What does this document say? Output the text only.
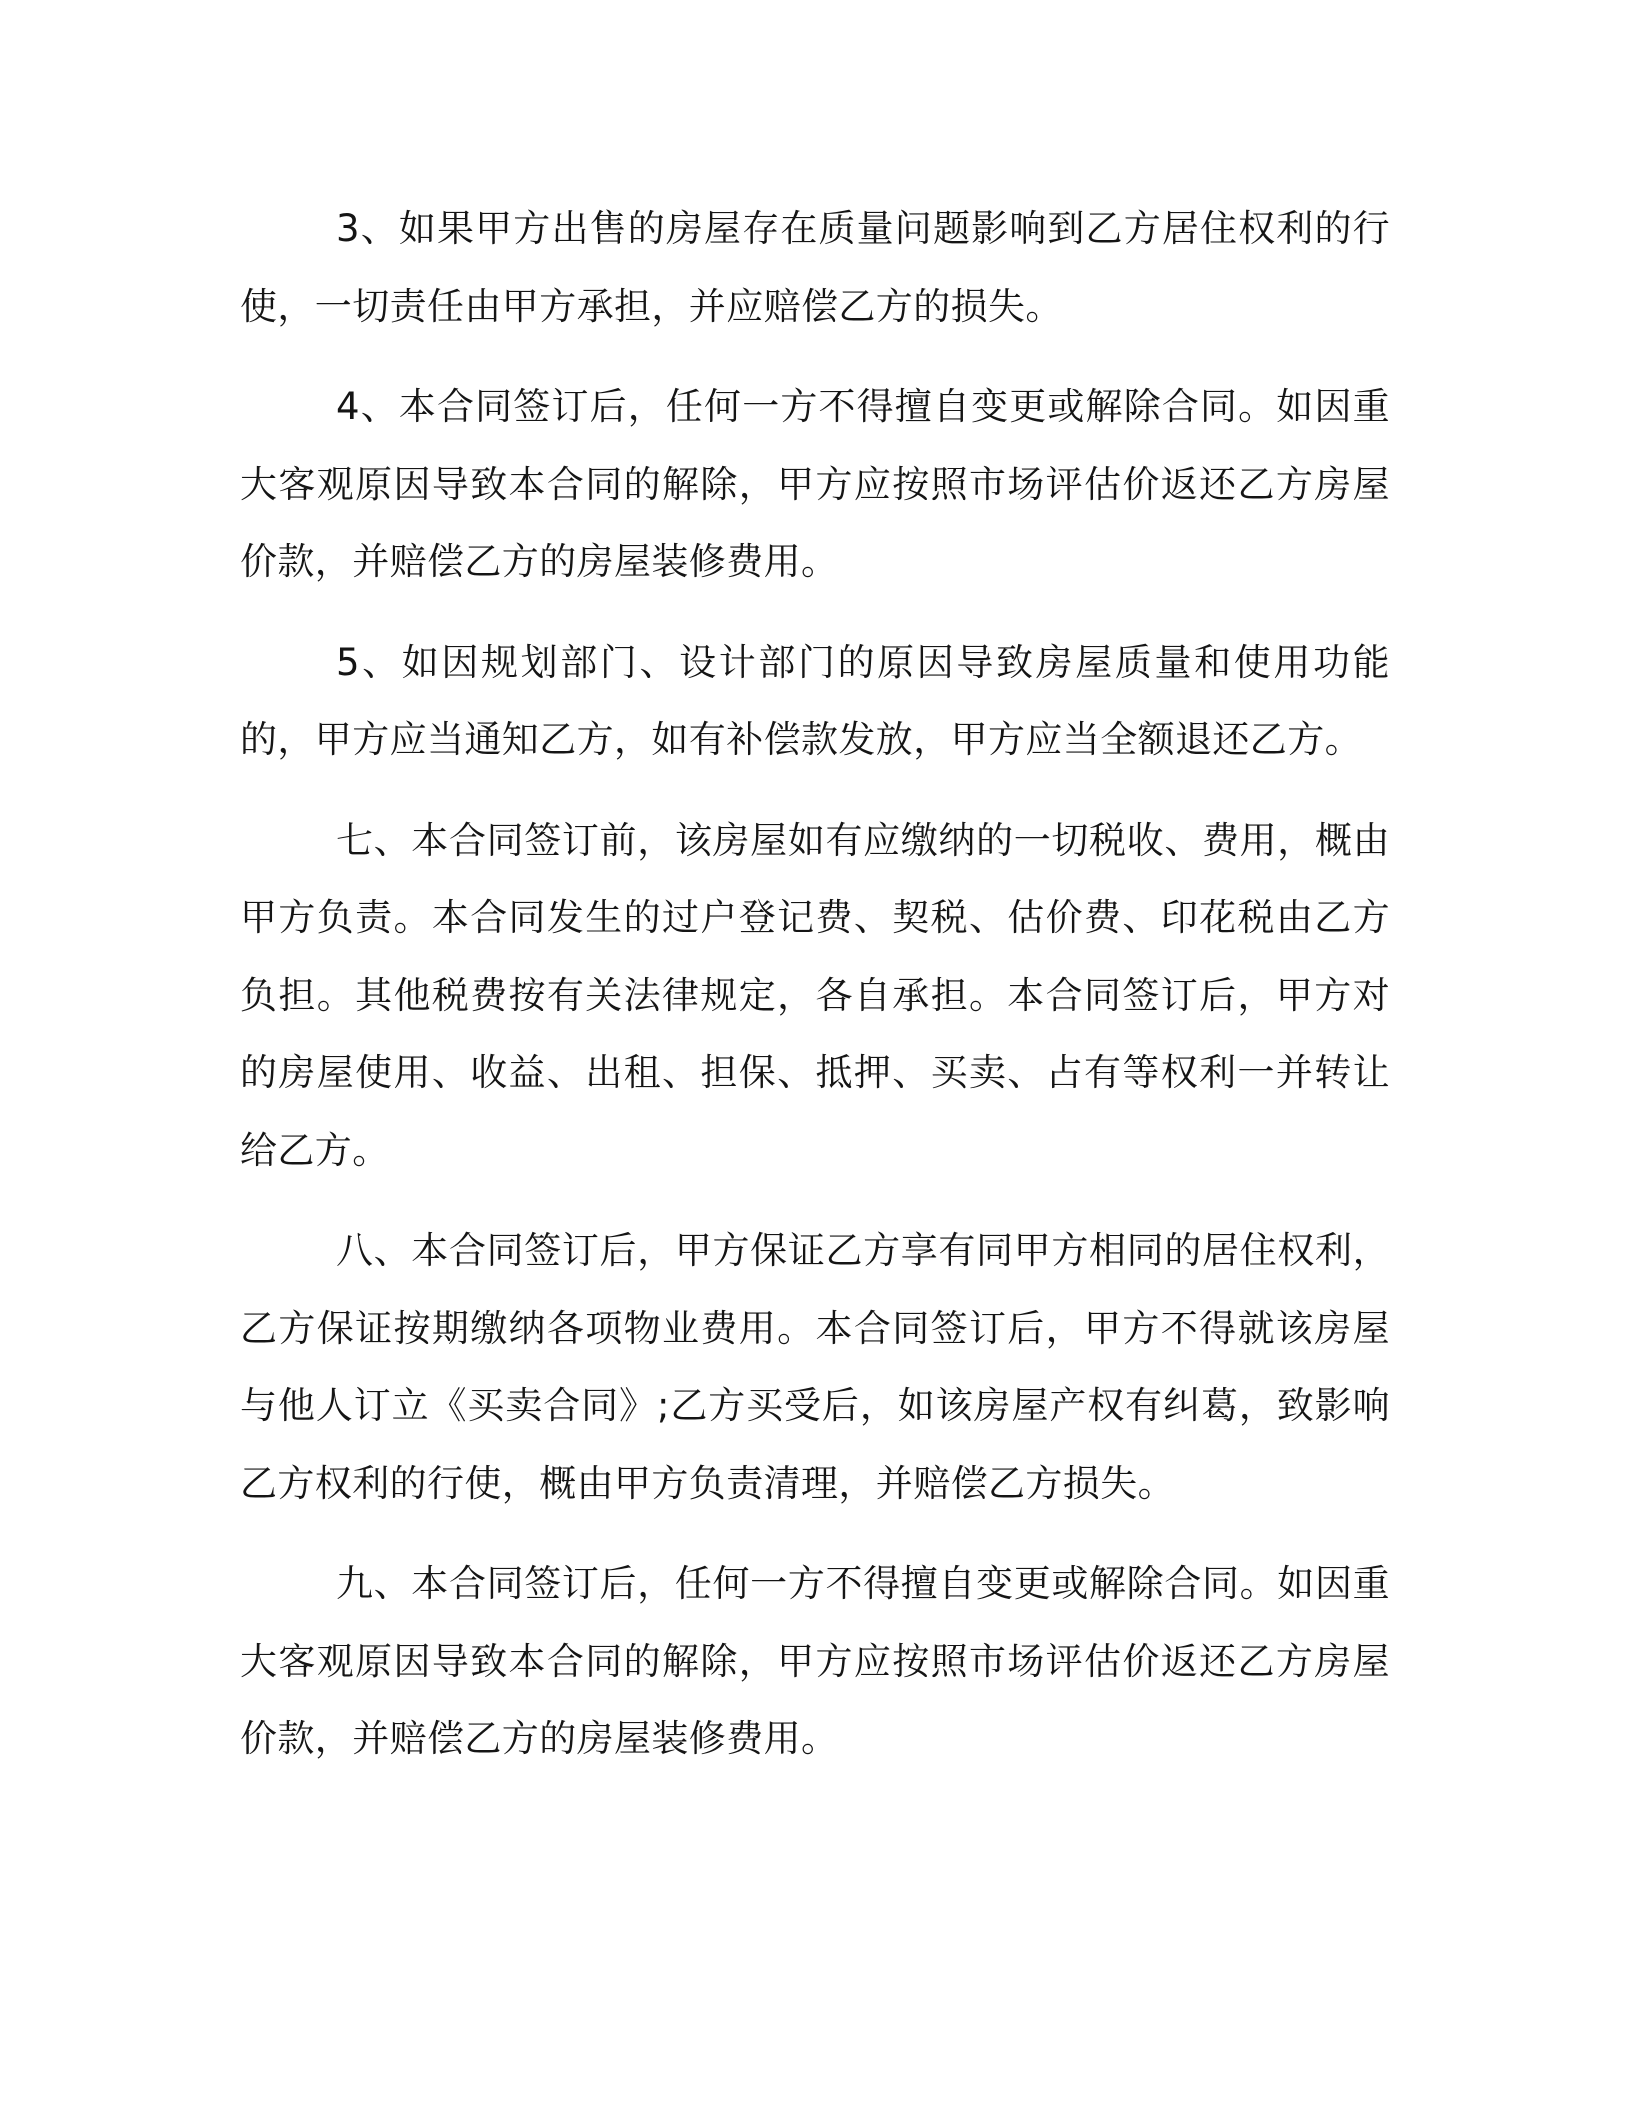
3、如果甲方出售的房屋存在质量问题影响到乙方居住权利的行使，一切责任由甲方承担，并应赔偿乙方的损失。

4、本合同签订后，任何一方不得擅自变更或解除合同。如因重大客观原因导致本合同的解除，甲方应按照市场评估价返还乙方房屋价款，并赔偿乙方的房屋装修费用。

5、如因规划部门、设计部门的原因导致房屋质量和使用功能的，甲方应当通知乙方，如有补偿款发放，甲方应当全额退还乙方。

七、本合同签订前，该房屋如有应缴纳的一切税收、费用，概由甲方负责。本合同发生的过户登记费、契税、估价费、印花税由乙方负担。其他税费按有关法律规定，各自承担。本合同签订后，甲方对的房屋使用、收益、出租、担保、抵押、买卖、占有等权利一并转让给乙方。

八、本合同签订后，甲方保证乙方享有同甲方相同的居住权利，乙方保证按期缴纳各项物业费用。本合同签订后，甲方不得就该房屋与他人订立《买卖合同》;乙方买受后，如该房屋产权有纠葛，致影响乙方权利的行使，概由甲方负责清理，并赔偿乙方损失。

九、本合同签订后，任何一方不得擅自变更或解除合同。如因重大客观原因导致本合同的解除，甲方应按照市场评估价返还乙方房屋价款，并赔偿乙方的房屋装修费用。
